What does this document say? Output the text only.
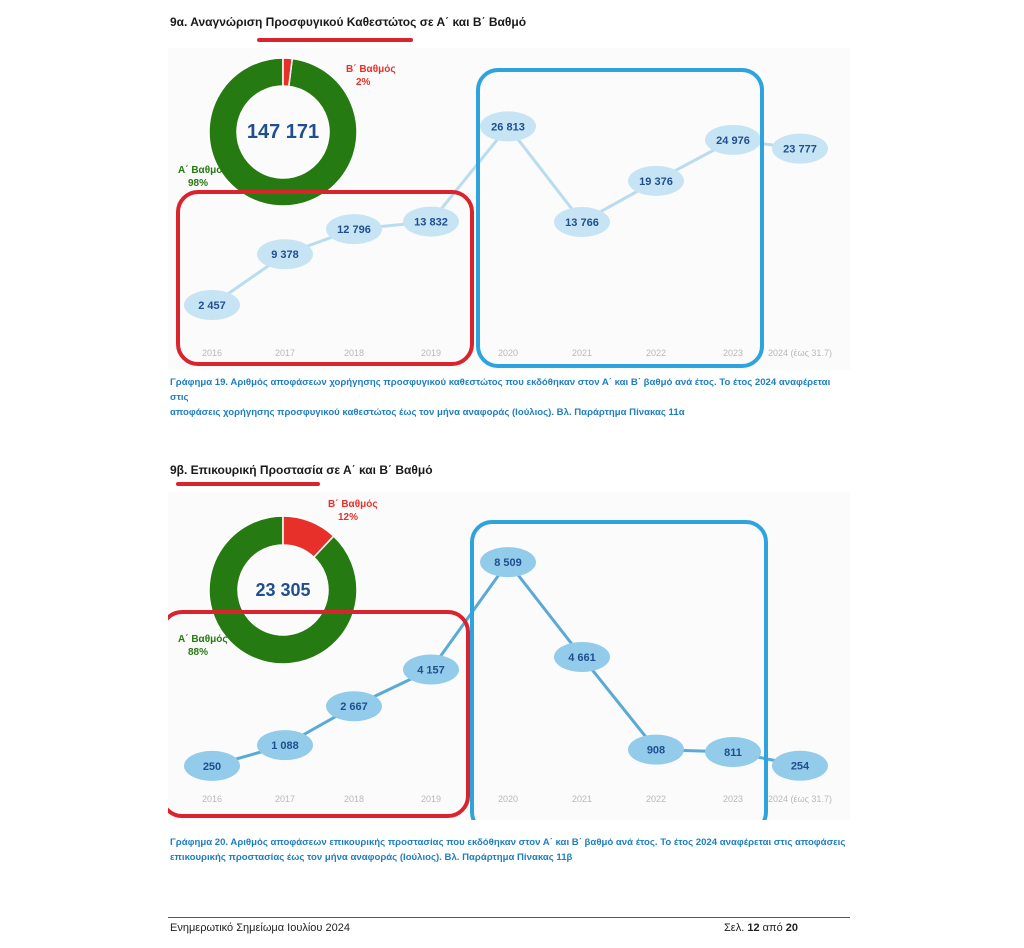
9α. Αναγνώριση Προσφυγικού Καθεστώτος σε Α΄ και Β΄ Βαθμό
2 457
9 378
12 796
13 832
26 813
13 766
19 376
24 976
23 777
2016	2017	2018	2019	2020	2021	2022	2023	2024 (έως 31.7)
147 171
Α΄ Βαθμός
98%
Β΄ Βαθμός
2%
Γράφημα 19. Αριθμός αποφάσεων χορήγησης προσφυγικού καθεστώτος που εκδόθηκαν στον Α΄ και Β΄ βαθμό ανά έτος. Το έτος 2024 αναφέρεται στις
αποφάσεις χορήγησης προσφυγικού καθεστώτος έως τον μήνα αναφοράς (Ιούλιος). Βλ. Παράρτημα Πίνακας 11α
9β. Επικουρική Προστασία σε Α΄ και Β΄ Βαθμό
250
1 088
2 667
4 157
8 509
4 661
908	811
254
2016	2017	2018	2019	2020	2021	2022	2023	2024 (έως 31.7)
23 305
Α΄ Βαθμός
88%
Β΄ Βαθμός
12%
Γράφημα 20. Αριθμός αποφάσεων επικουρικής προστασίας που εκδόθηκαν στον Α΄ και Β΄ βαθμό ανά έτος. Το έτος 2024 αναφέρεται στις αποφάσεις
επικουρικής προστασίας έως τον μήνα αναφοράς (Ιούλιος). Βλ. Παράρτημα Πίνακας 11β
Ενημερωτικό Σημείωμα Ιουλίου 2024	Σελ. 12 από 20
